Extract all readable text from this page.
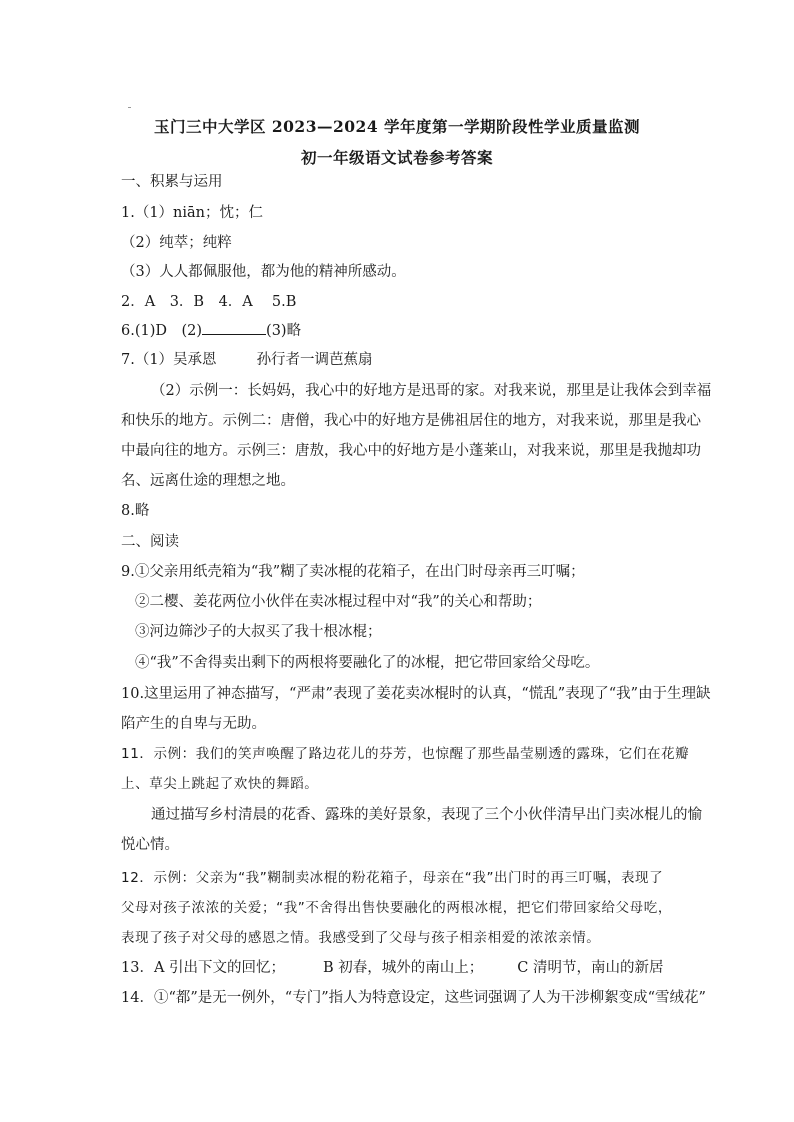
玉门三中大学区 2023—2024 学年度第一学期阶段性学业质量监测
初一年级语文试卷参考答案
一、积累与运用
1.（1）niān；忱；仁
（2）纯萃；纯粹
（3）人人都佩服他，都为他的精神所感动。
2．A　3．B　4．A　 5.B
6.(1)D　(2)	(3)略
7.（1）吴承恩	孙行者一调芭蕉扇
（2）示例一：长妈妈，我心中的好地方是迅哥的家。对我来说，那里是让我体会到幸福
和快乐的地方。示例二：唐僧，我心中的好地方是佛祖居住的地方，对我来说，那里是我心
中最向往的地方。示例三：唐敖，我心中的好地方是小蓬莱山，对我来说，那里是我抛却功
名、远离仕途的理想之地。
8.略
二、阅读
9.①父亲用纸壳箱为“我”糊了卖冰棍的花箱子，在出门时母亲再三叮嘱；
②二樱、姜花两位小伙伴在卖冰棍过程中对“我”的关心和帮助；
③河边筛沙子的大叔买了我十根冰棍；
④“我”不舍得卖出剩下的两根将要融化了的冰棍，把它带回家给父母吃。
10.这里运用了神态描写，“严肃”表现了姜花卖冰棍时的认真，“慌乱”表现了“我”由于生理缺
陷产生的自卑与无助。
11．示例：我们的笑声唤醒了路边花儿的芬芳，也惊醒了那些晶莹剔透的露珠，它们在花瓣
上、草尖上跳起了欢快的舞蹈。
通过描写乡村清晨的花香、露珠的美好景象，表现了三个小伙伴清早出门卖冰棍儿的愉
悦心情。
12．示例：父亲为“我”糊制卖冰棍的粉花箱子，母亲在“我”出门时的再三叮嘱，表现了
父母对孩子浓浓的关爱；“我”不舍得出售快要融化的两根冰棍，把它们带回家给父母吃，
表现了孩子对父母的感恩之情。我感受到了父母与孩子相亲相爱的浓浓亲情。
13．A 引出下文的回忆；	B 初春，城外的南山上； C 清明节，南山的新居
14．①“都”是无一例外，“专门”指人为特意设定，这些词强调了人为干涉柳絮变成“雪绒花”
